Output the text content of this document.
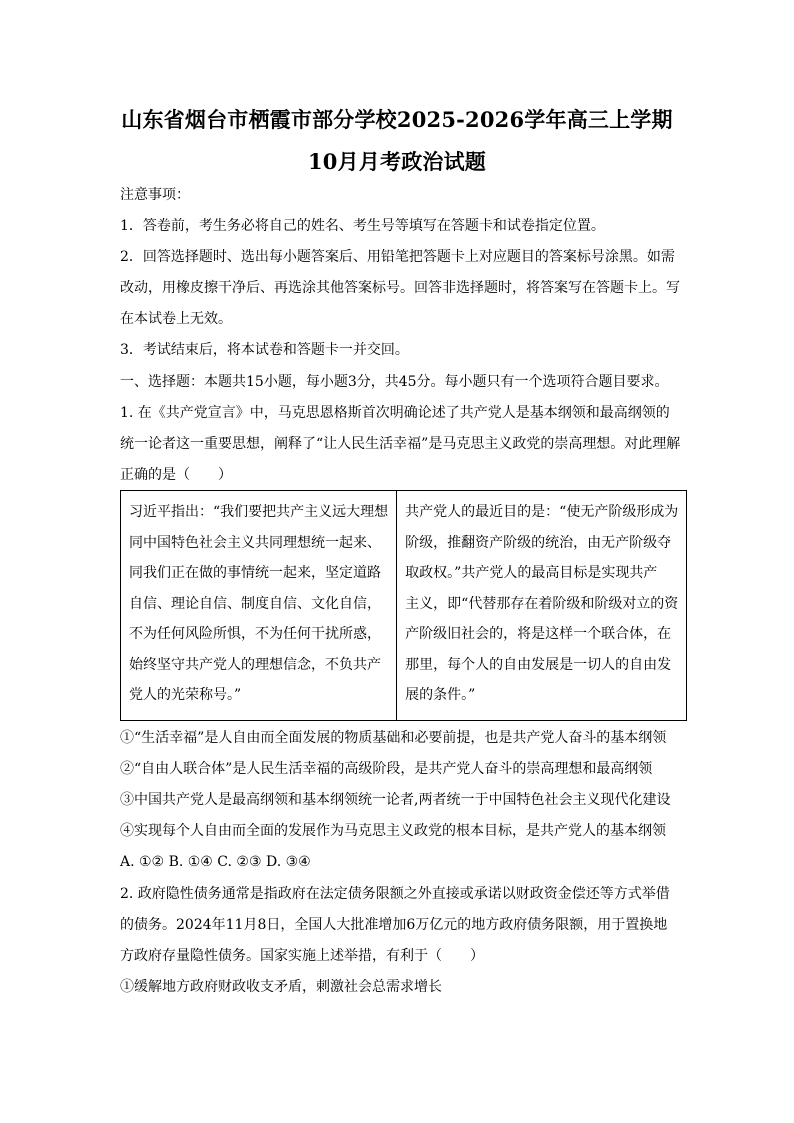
山东省烟台市栖霞市部分学校2025-2026学年高三上学期
10月月考政治试题
注意事项：
1．答卷前，考生务必将自己的姓名、考生号等填写在答题卡和试卷指定位置。
2．回答选择题时、选出每小题答案后、用铅笔把答题卡上对应题目的答案标号涂黑。如需
改动，用橡皮擦干净后、再选涂其他答案标号。回答非选择题时，将答案写在答题卡上。写
在本试卷上无效。
3．考试结束后，将本试卷和答题卡一并交回。
一、选择题：本题共15小题，每小题3分，共45分。每小题只有一个选项符合题目要求。
1. 在《共产党宣言》中，马克思恩格斯首次明确论述了共产党人是基本纲领和最高纲领的
统一论者这一重要思想，阐释了“让人民生活幸福”是马克思主义政党的崇高理想。对此理解
正确的是（　　）
习近平指出：“我们要把共产主义远大理想
同中国特色社会主义共同理想统一起来、
同我们正在做的事情统一起来，坚定道路
自信、理论自信、制度自信、文化自信，
不为任何风险所惧，不为任何干扰所惑，
始终坚守共产党人的理想信念，不负共产
党人的光荣称号。”

共产党人的最近目的是：“使无产阶级形成为
阶级，推翻资产阶级的统治，由无产阶级夺
取政权。”共产党人的最高目标是实现共产
主义，即“代替那存在着阶级和阶级对立的资
产阶级旧社会的，将是这样一个联合体，在
那里，每个人的自由发展是一切人的自由发
展的条件。”
①“生活幸福”是人自由而全面发展的物质基础和必要前提，也是共产党人奋斗的基本纲领
②“自由人联合体”是人民生活幸福的高级阶段，是共产党人奋斗的崇高理想和最高纲领
③中国共产党人是最高纲领和基本纲领统一论者,两者统一于中国特色社会主义现代化建设
④实现每个人自由而全面的发展作为马克思主义政党的根本目标，是共产党人的基本纲领
A. ①② B. ①④ C. ②③ D. ③④
2. 政府隐性债务通常是指政府在法定债务限额之外直接或承诺以财政资金偿还等方式举借
的债务。2024年11月8日，全国人大批准增加6万亿元的地方政府债务限额，用于置换地
方政府存量隐性债务。国家实施上述举措，有利于（　　）
①缓解地方政府财政收支矛盾，刺激社会总需求增长
